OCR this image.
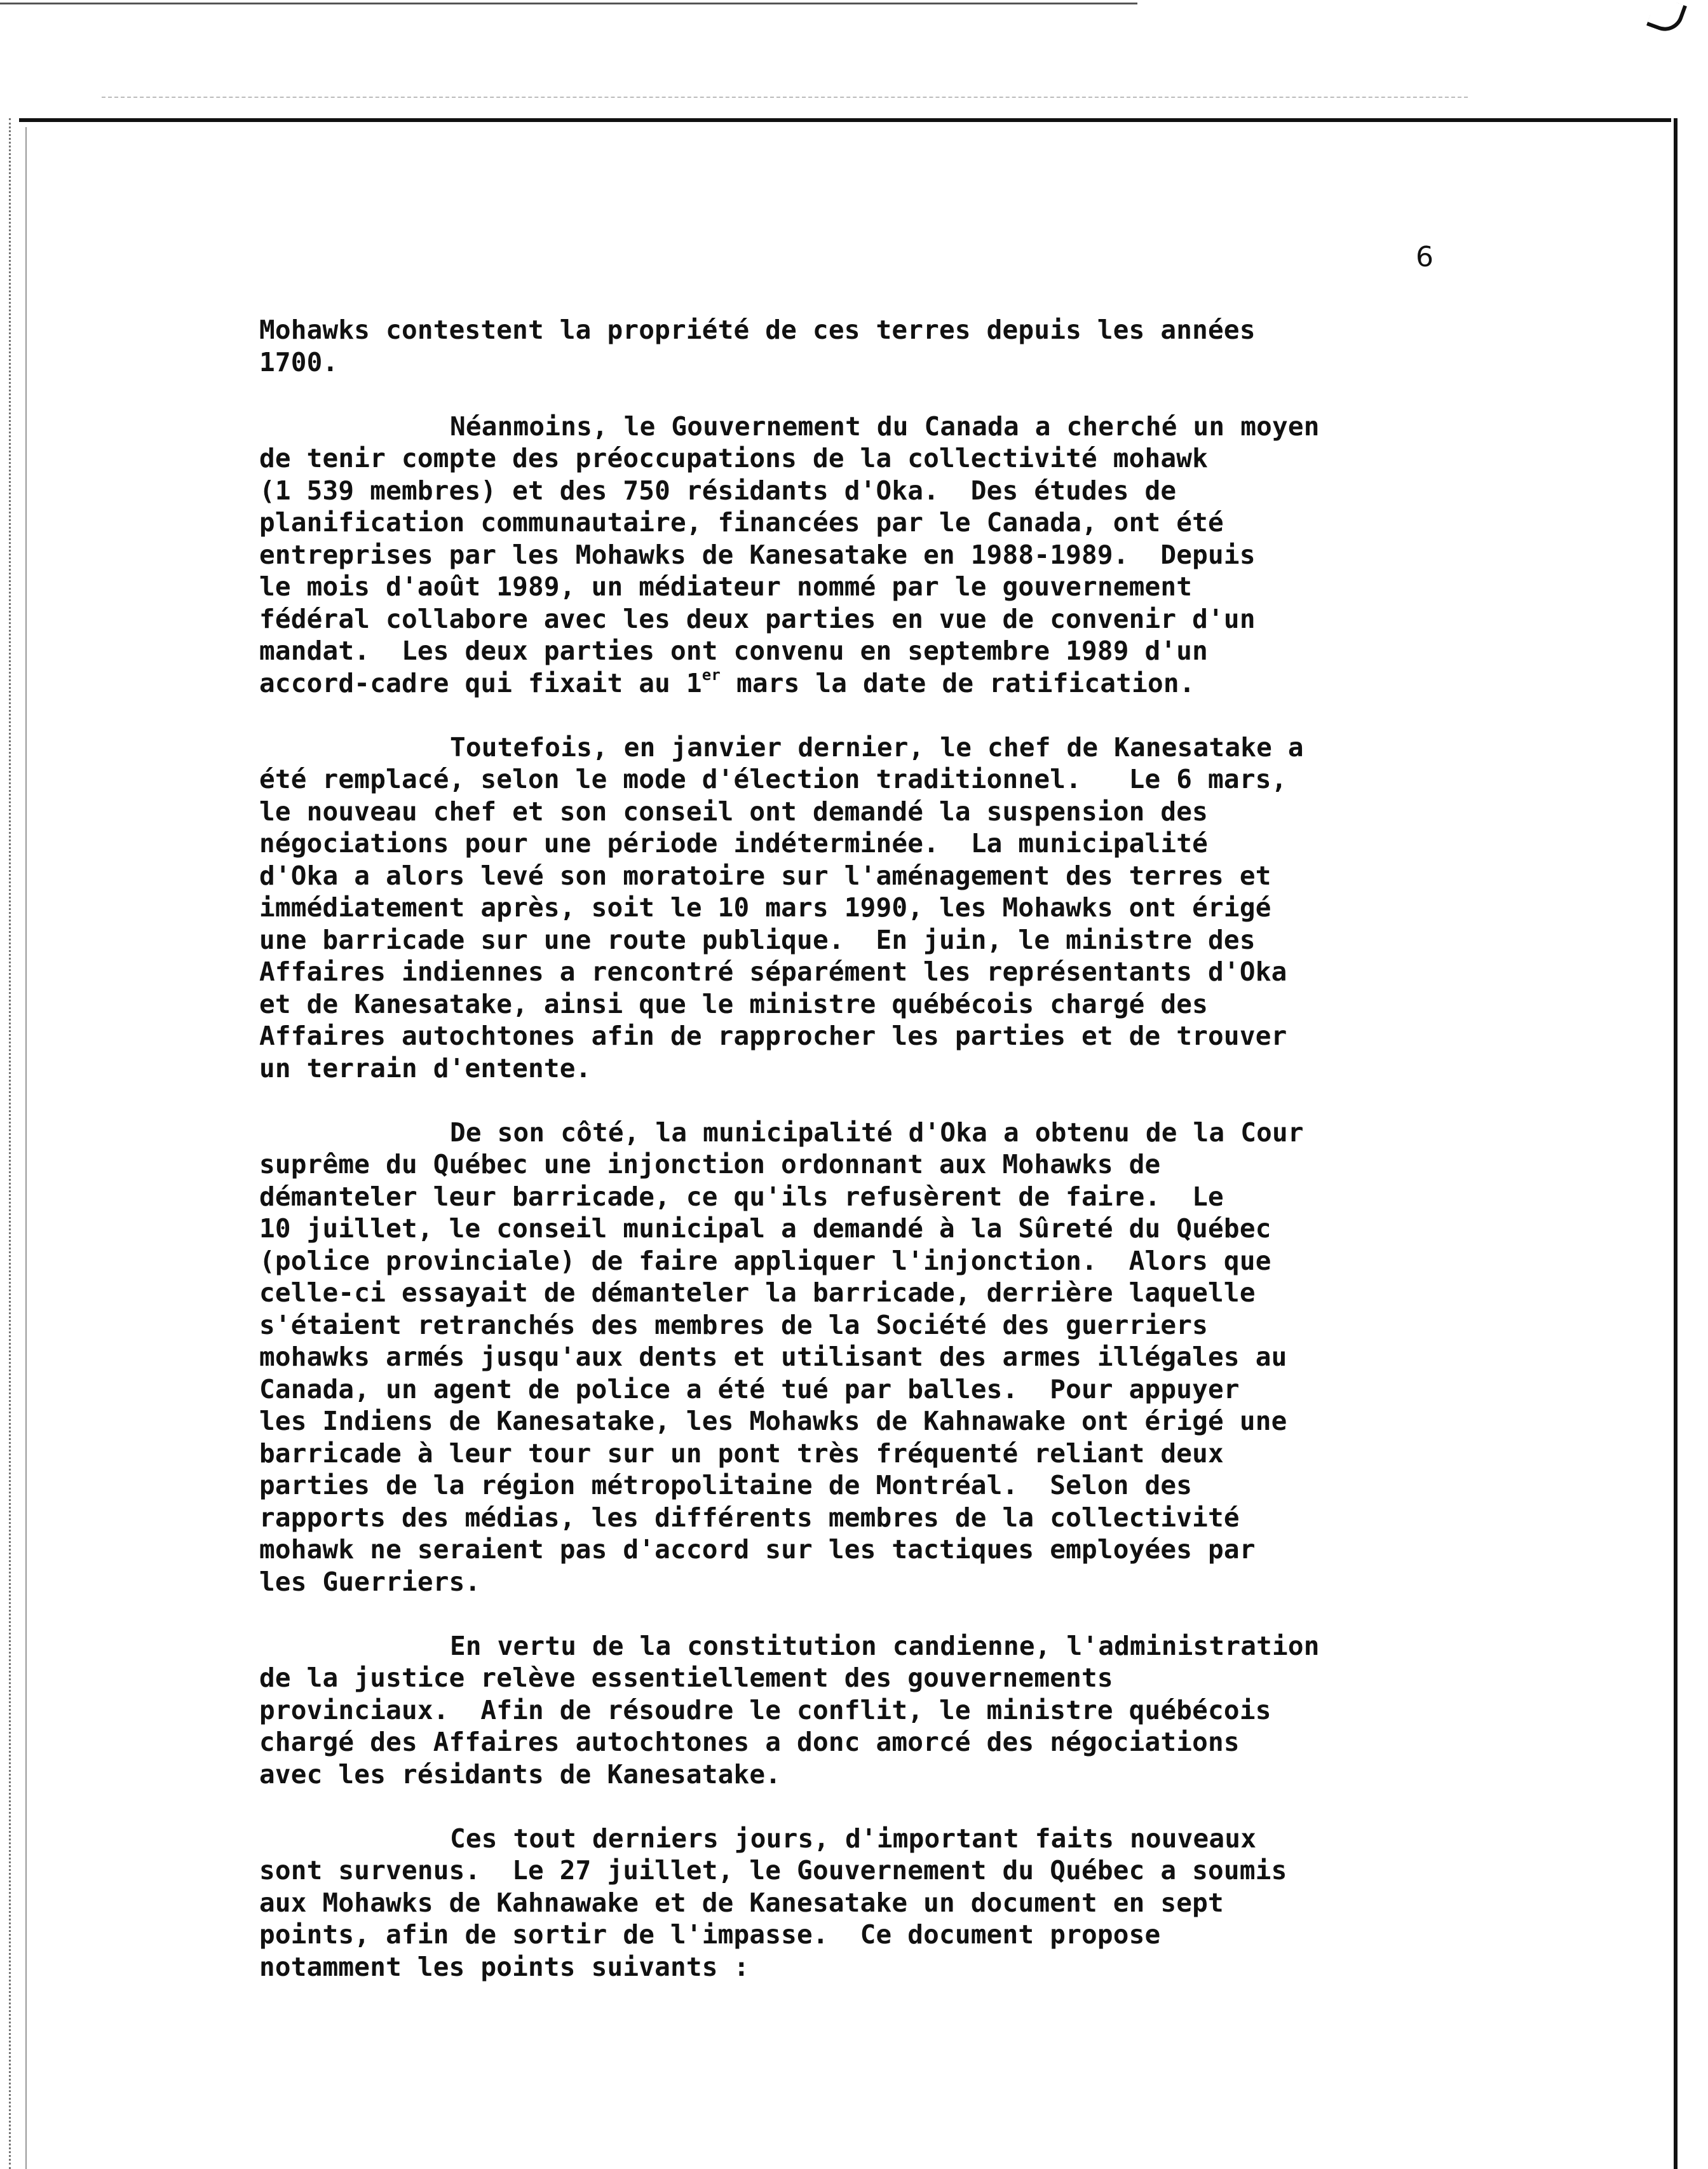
6

Mohawks contestent la propriété de ces terres depuis les années
1700.

Néanmoins, le Gouvernement du Canada a cherché un moyen
de tenir compte des préoccupations de la collectivité mohawk
(1 539 membres) et des 750 résidants d'Oka.  Des études de
planification communautaire, financées par le Canada, ont été
entreprises par les Mohawks de Kanesatake en 1988-1989.  Depuis
le mois d'août 1989, un médiateur nommé par le gouvernement
fédéral collabore avec les deux parties en vue de convenir d'un
mandat.  Les deux parties ont convenu en septembre 1989 d'un
accord-cadre qui fixait au 1er mars la date de ratification.

Toutefois, en janvier dernier, le chef de Kanesatake a
été remplacé, selon le mode d'élection traditionnel.   Le 6 mars,
le nouveau chef et son conseil ont demandé la suspension des
négociations pour une période indéterminée.  La municipalité
d'Oka a alors levé son moratoire sur l'aménagement des terres et
immédiatement après, soit le 10 mars 1990, les Mohawks ont érigé
une barricade sur une route publique.  En juin, le ministre des
Affaires indiennes a rencontré séparément les représentants d'Oka
et de Kanesatake, ainsi que le ministre québécois chargé des
Affaires autochtones afin de rapprocher les parties et de trouver
un terrain d'entente.

De son côté, la municipalité d'Oka a obtenu de la Cour
suprême du Québec une injonction ordonnant aux Mohawks de
démanteler leur barricade, ce qu'ils refusèrent de faire.  Le
10 juillet, le conseil municipal a demandé à la Sûreté du Québec
(police provinciale) de faire appliquer l'injonction.  Alors que
celle-ci essayait de démanteler la barricade, derrière laquelle
s'étaient retranchés des membres de la Société des guerriers
mohawks armés jusqu'aux dents et utilisant des armes illégales au
Canada, un agent de police a été tué par balles.  Pour appuyer
les Indiens de Kanesatake, les Mohawks de Kahnawake ont érigé une
barricade à leur tour sur un pont très fréquenté reliant deux
parties de la région métropolitaine de Montréal.  Selon des
rapports des médias, les différents membres de la collectivité
mohawk ne seraient pas d'accord sur les tactiques employées par
les Guerriers.

En vertu de la constitution candienne, l'administration
de la justice relève essentiellement des gouvernements
provinciaux.  Afin de résoudre le conflit, le ministre québécois
chargé des Affaires autochtones a donc amorcé des négociations
avec les résidants de Kanesatake.

Ces tout derniers jours, d'important faits nouveaux
sont survenus.  Le 27 juillet, le Gouvernement du Québec a soumis
aux Mohawks de Kahnawake et de Kanesatake un document en sept
points, afin de sortir de l'impasse.  Ce document propose
notamment les points suivants :
